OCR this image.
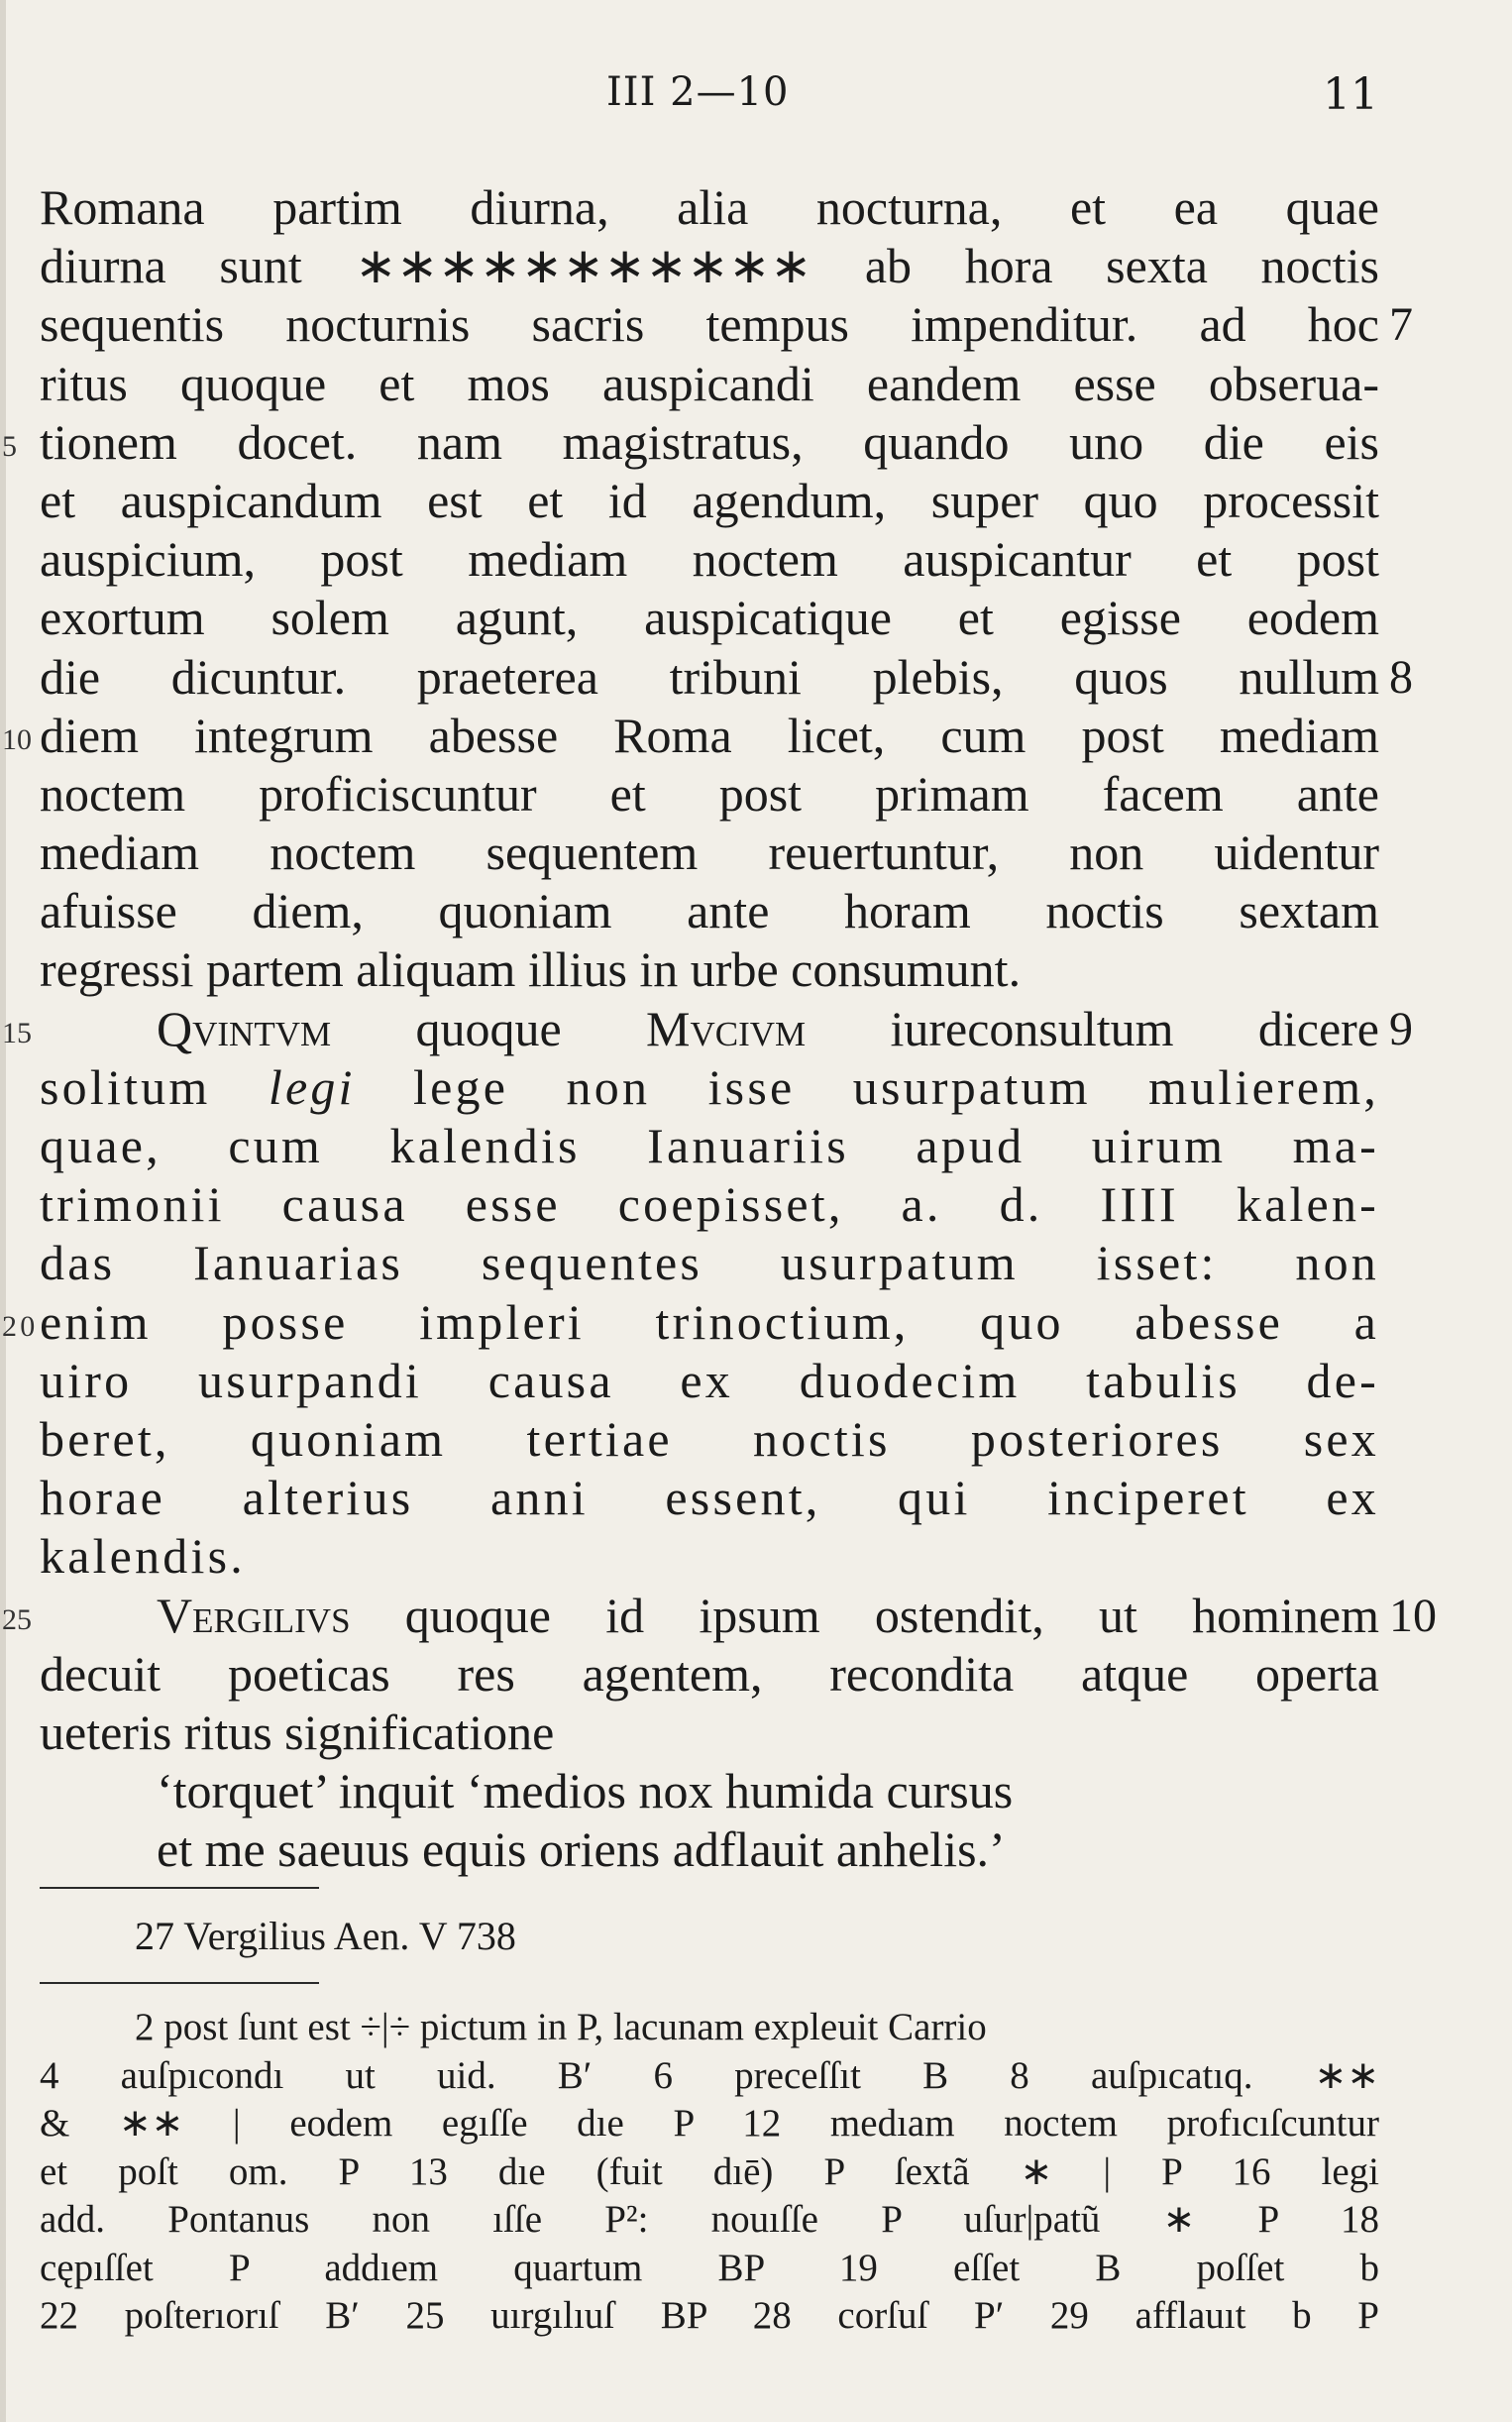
III 2—10	11
Romana partim diurna, alia nocturna, et ea quae
diurna sunt ∗∗∗∗∗∗∗∗∗∗∗ ab hora sexta noctis
sequentis nocturnis sacris tempus impenditur. ad hoc 7
ritus quoque et mos auspicandi eandem esse obserua-
tionem docet. nam magistratus, quando uno die eis
5
et auspicandum est et id agendum, super quo processit
auspicium, post mediam noctem auspicantur et post
exortum solem agunt, auspicatique et egisse eodem
die dicuntur. praeterea tribuni plebis, quos nullum 8
diem integrum abesse Roma licet, cum post mediam
10
noctem proficiscuntur et post primam facem ante
mediam noctem sequentem reuertuntur, non uidentur
afuisse diem, quoniam ante horam noctis sextam
regressi partem aliquam illius in urbe consumunt.
15	Qvintvm quoque Mvcivm iureconsultum dicere 9
solitum legi lege non isse usurpatum mulierem,
quae, cum kalendis Ianuariis apud uirum ma-
trimonii causa esse coepisset, a. d. IIII kalen-
das Ianuarias sequentes usurpatum isset: non
enim posse impleri trinoctium, quo abesse a
20
uiro usurpandi causa ex duodecim tabulis de-
beret, quoniam tertiae noctis posteriores sex
horae alterius anni essent, qui inciperet ex
kalendis.
25	Vergilivs quoque id ipsum ostendit, ut hominem 10
decuit poeticas res agentem, recondita atque operta
ueteris ritus significatione
‘torquet’ inquit ‘medios nox humida cursus
et me saeuus equis oriens adflauit anhelis.’
27 Vergilius Aen. V 738
2 post ſunt est ÷|÷ pictum in P, lacunam expleuit Carrio
4 auſpıcondı ut uid. B′ 6 preceſſıt B 8 auſpıcatıq. ∗∗
& ∗∗ | eodem egıſſe dıe P 12 medıam noctem profıcıſcuntur
et poſt om. P 13 dıe (fuit dıē) P ſextã ∗ | P 16 legi
add. Pontanus non ıſſe P²: nouıſſe P uſur|patũ ∗ P 18
cępıſſet P addıem quartum BP 19 eſſet B poſſet b
22 poſterıorıſ B′ 25 uırgılıuſ BP 28 corſuſ P′ 29 afflauıt b P
